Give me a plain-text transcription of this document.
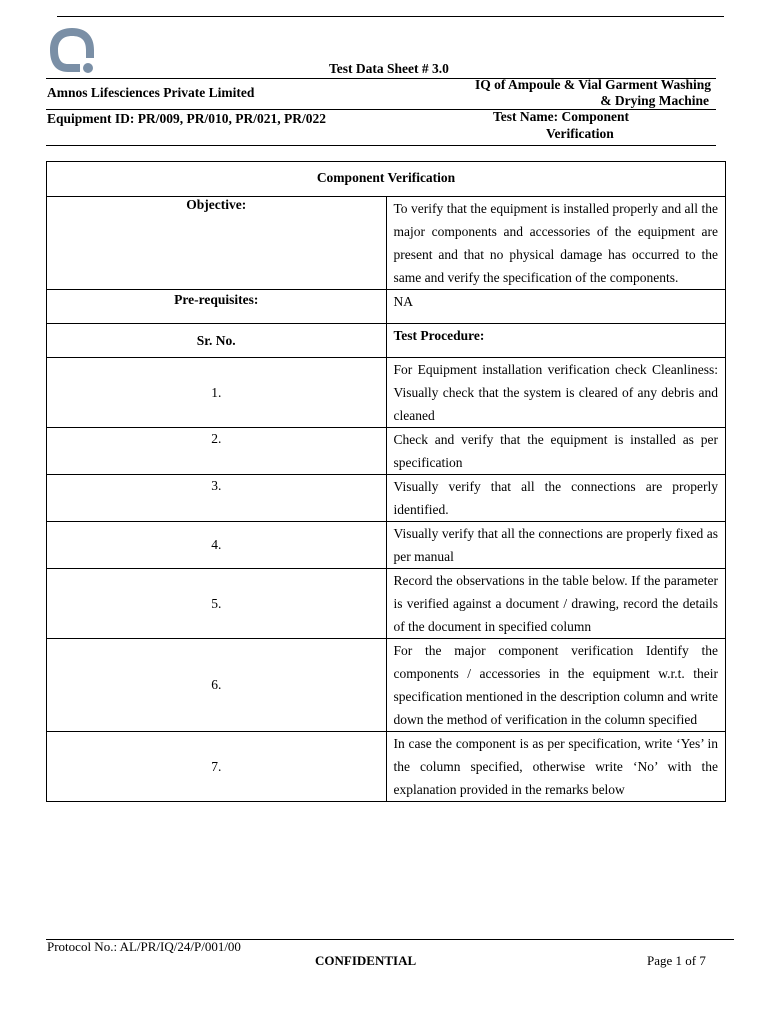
Test Data Sheet # 3.0
Amnos Lifesciences Private Limited
IQ of Ampoule & Vial Garment Washing
& Drying Machine
Equipment ID: PR/009, PR/010, PR/021, PR/022	Test Name: Component
Verification
Component Verification	
Objective:	To verify that the equipment is installed properly and all the major components and accessories of the equipment are present and that no physical damage has occurred to the same and verify the specification of the components.
Pre-requisites:	NA
Sr. No.	Test Procedure:
1.	For Equipment installation verification check Cleanliness: Visually check that the system is cleared of any debris and cleaned
2.	Check and verify that the equipment is installed as per specification
3.	Visually verify that all the connections are properly identified.
4.	Visually verify that all the connections are properly fixed as per manual
5.	Record the observations in the table below. If the parameter is verified against a document / drawing, record the details of the document in specified column
6.	For the major component verification Identify the components / accessories in the equipment w.r.t. their specification mentioned in the description column and write down the method of verification in the column specified
7.	In case the component is as per specification, write ‘Yes’ in the column specified, otherwise write ‘No’ with the explanation provided in the remarks below
Protocol No.: AL/PR/IQ/24/P/001/00
CONFIDENTIAL	Page 1 of 7
